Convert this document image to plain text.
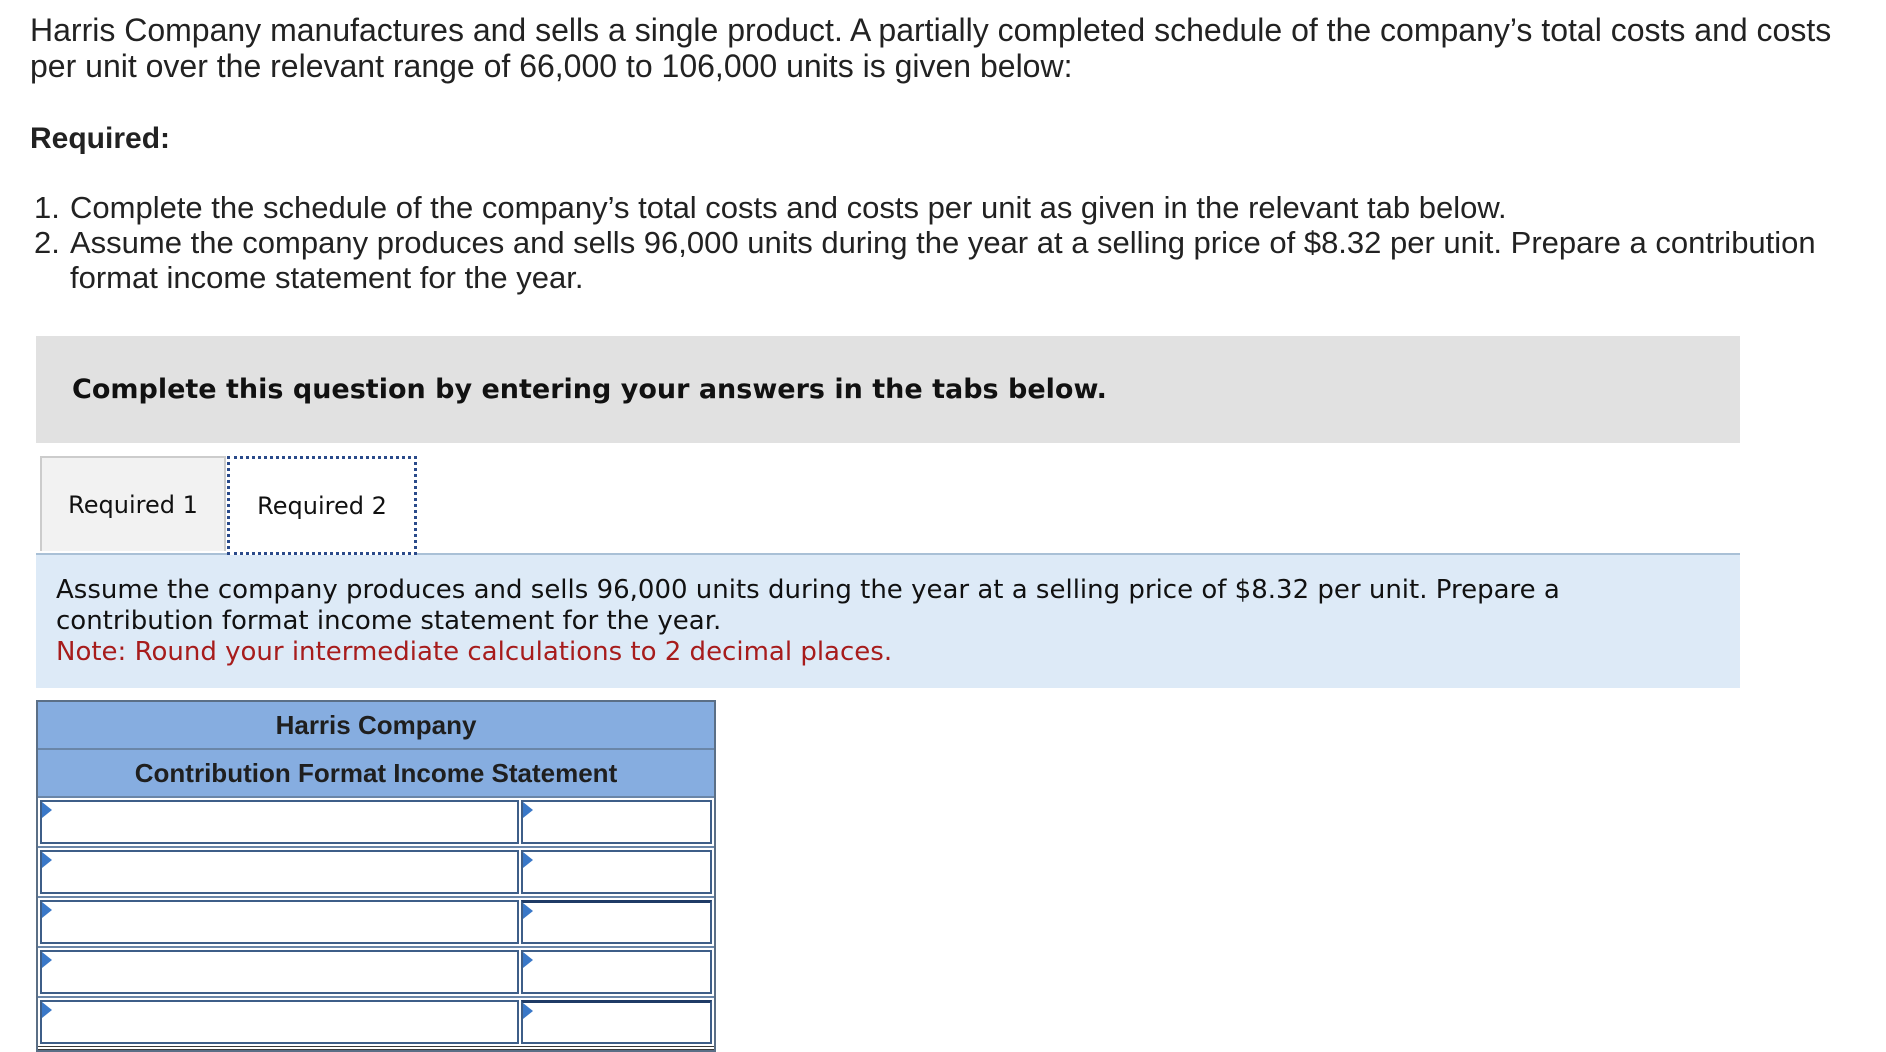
Harris Company manufactures and sells a single product. A partially completed schedule of the company’s total costs and costs per unit over the relevant range of 66,000 to 106,000 units is given below:
Required:
1. Complete the schedule of the company’s total costs and costs per unit as given in the relevant tab below.
2. Assume the company produces and sells 96,000 units during the year at a selling price of $8.32 per unit. Prepare a contribution format income statement for the year.
Complete this question by entering your answers in the tabs below.
Required 1	Required 2
Assume the company produces and sells 96,000 units during the year at a selling price of $8.32 per unit. Prepare a contribution format income statement for the year.
Note: Round your intermediate calculations to 2 decimal places.
Harris Company
Contribution Format Income Statement
